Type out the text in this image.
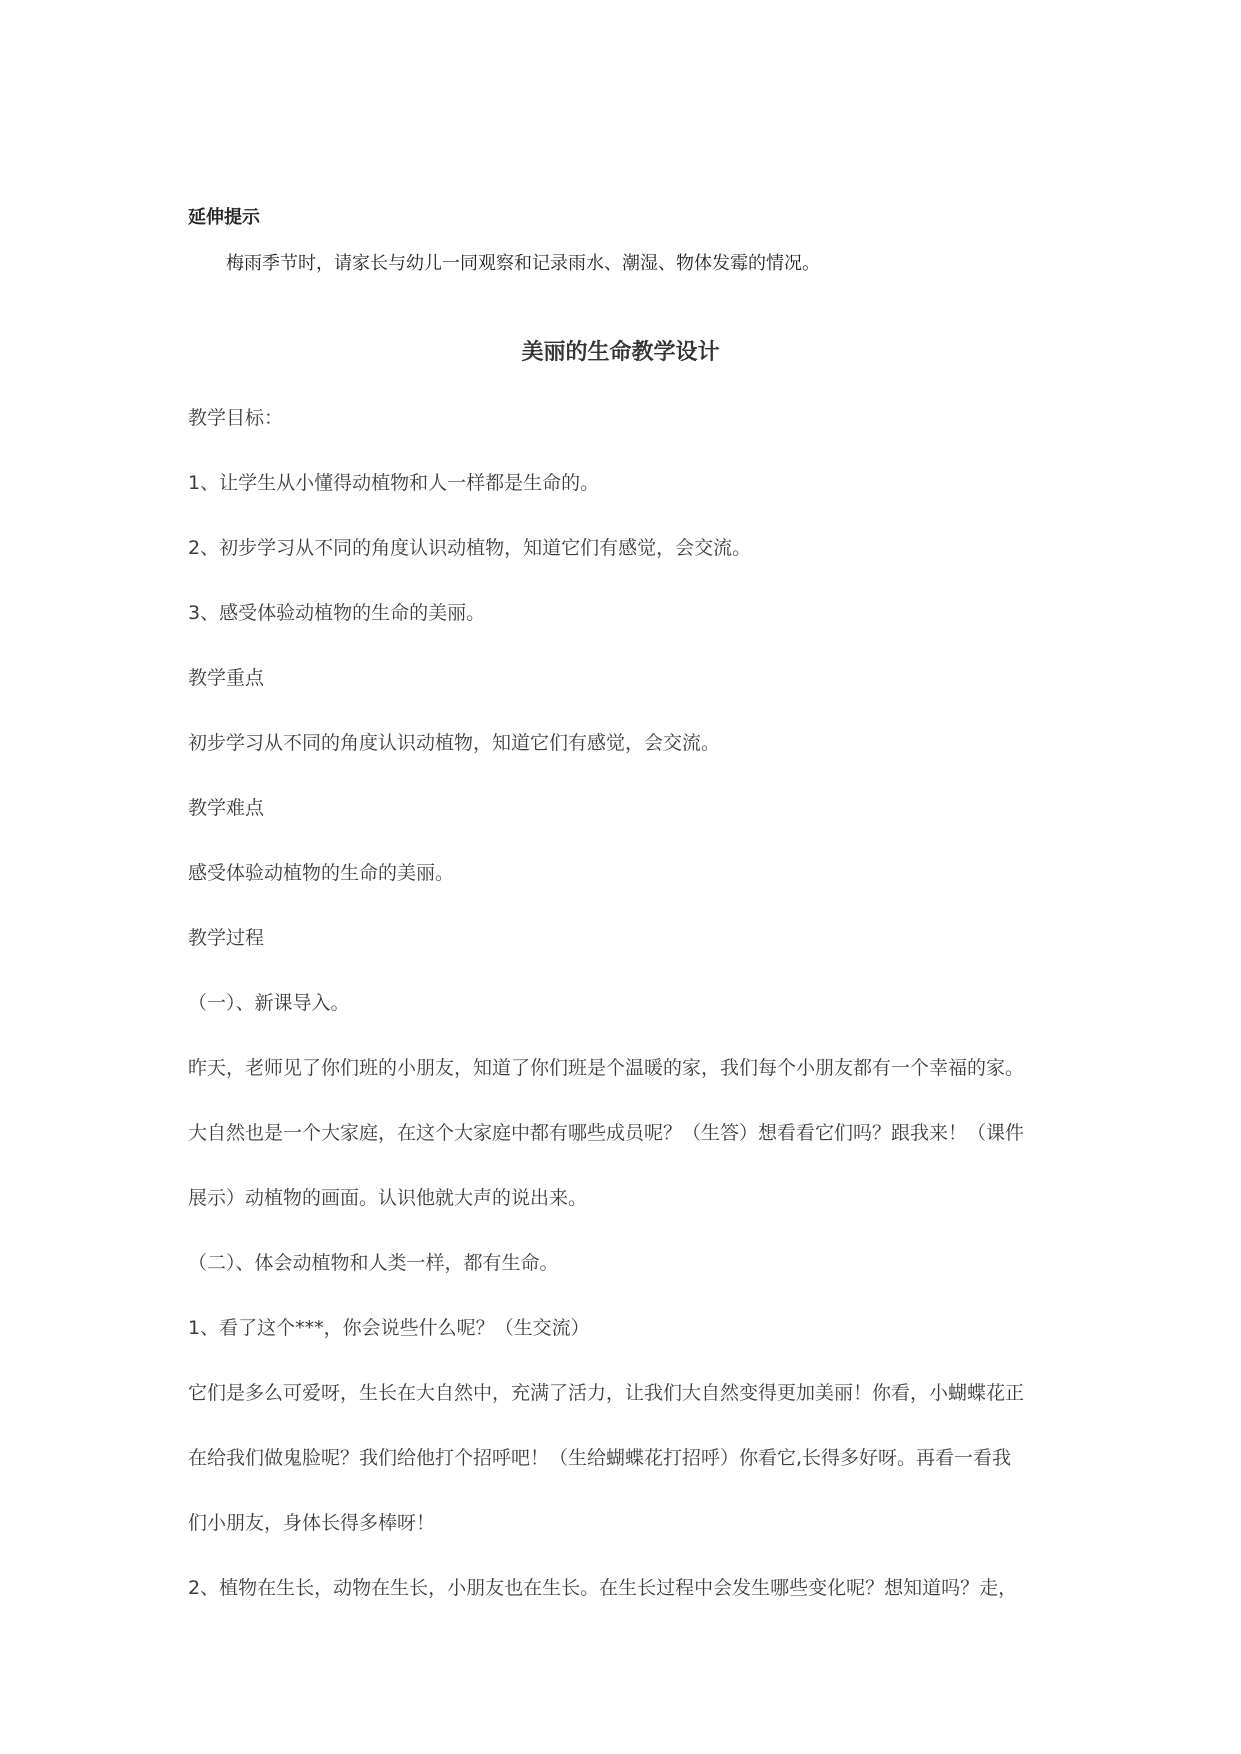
延伸提示
梅雨季节时，请家长与幼儿一同观察和记录雨水、潮湿、物体发霉的情况。
美丽的生命教学设计
教学目标：
1、让学生从小懂得动植物和人一样都是生命的。
2、初步学习从不同的角度认识动植物，知道它们有感觉，会交流。
3、感受体验动植物的生命的美丽。
教学重点
初步学习从不同的角度认识动植物，知道它们有感觉，会交流。
教学难点
感受体验动植物的生命的美丽。
教学过程
（一）、新课导入。
昨天，老师见了你们班的小朋友，知道了你们班是个温暖的家，我们每个小朋友都有一个幸福的家。
大自然也是一个大家庭，在这个大家庭中都有哪些成员呢？（生答）想看看它们吗？跟我来！（课件
展示）动植物的画面。认识他就大声的说出来。
（二）、体会动植物和人类一样，都有生命。
1、看了这个***，你会说些什么呢？（生交流）
它们是多么可爱呀，生长在大自然中，充满了活力，让我们大自然变得更加美丽！你看，小蝴蝶花正
在给我们做鬼脸呢？我们给他打个招呼吧！（生给蝴蝶花打招呼）你看它,长得多好呀。再看一看我
们小朋友，身体长得多棒呀！
2、植物在生长，动物在生长，小朋友也在生长。在生长过程中会发生哪些变化呢？想知道吗？走，
